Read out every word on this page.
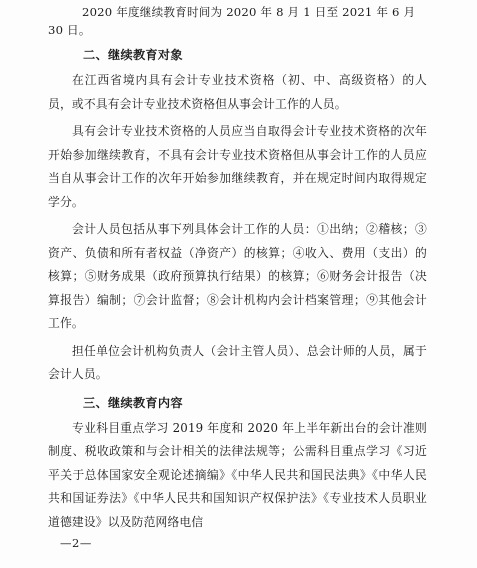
2020 年度继续教育时间为 2020 年 8 月 1 日至 2021 年 6 月 30 日。

二、继续教育对象

在江西省境内具有会计专业技术资格（初、中、高级资格）的人员，或不具有会计专业技术资格但从事会计工作的人员。

具有会计专业技术资格的人员应当自取得会计专业技术资格的次年开始参加继续教育，不具有会计专业技术资格但从事会计工作的人员应当自从事会计工作的次年开始参加继续教育，并在规定时间内取得规定学分。

会计人员包括从事下列具体会计工作的人员：①出纳；②稽核；③资产、负债和所有者权益（净资产）的核算；④收入、费用（支出）的核算；⑤财务成果（政府预算执行结果）的核算；⑥财务会计报告（决算报告）编制；⑦会计监督；⑧会计机构内会计档案管理；⑨其他会计工作。

担任单位会计机构负责人（会计主管人员）、总会计师的人员，属于会计人员。

三、继续教育内容

专业科目重点学习 2019 年度和 2020 年上半年新出台的会计准则制度、税收政策和与会计相关的法律法规等；公需科目重点学习《习近平关于总体国家安全观论述摘编》《中华人民共和国民法典》《中华人民共和国证券法》《中华人民共和国知识产权保护法》《专业技术人员职业道德建设》以及防范网络电信

—2—
